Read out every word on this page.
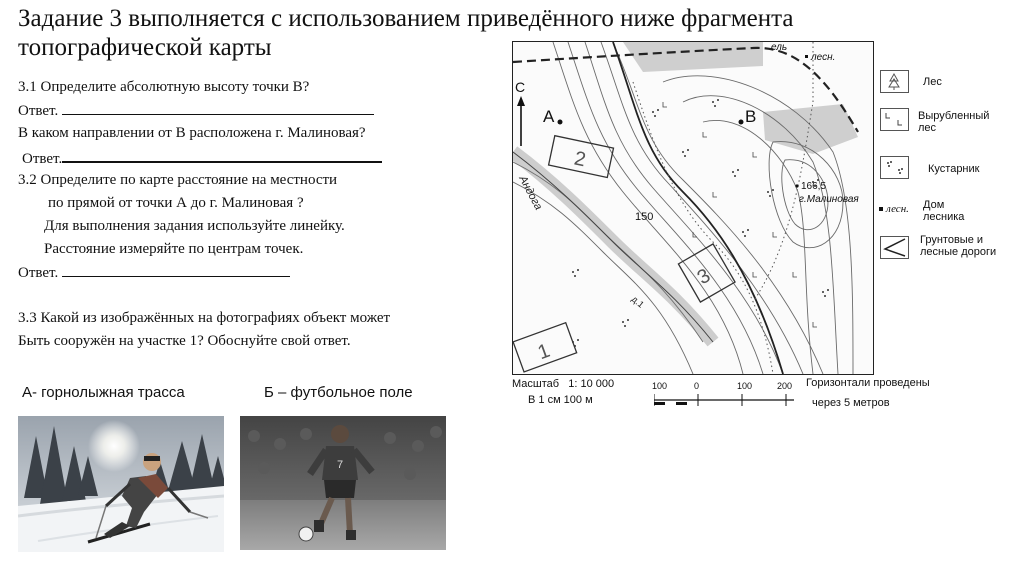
Задание 3 выполняется с использованием приведённого ниже фрагмента топографической карты
3.1 Определите абсолютную высоту точки В?
Ответ.
В каком направлении от В расположена г. Малиновая?
Ответ.
3.2 Определите по карте расстояние на местности
по прямой от точки А до г. Малиновая ?
Для выполнения задания используйте линейку.
Расстояние измеряйте по центрам точек.
Ответ.
3.3 Какой из изображённых на фотографиях объект может
Быть сооружён на участке 1? Обоснуйте свой ответ.
А- горнолыжная трасса	Б – футбольное поле
7
С
А	В
2
3
1
150
Андога
д.1
166,5
г.Малиновая
ель
лесн.
Лес
Вырубленный лес
Кустарник
лесн. Дом лесника
Грунтовые и лесные дороги
Масштаб 1: 10 000
В 1 см 100 м
100	0	100	200 Горизонтали проведены
через 5 метров
